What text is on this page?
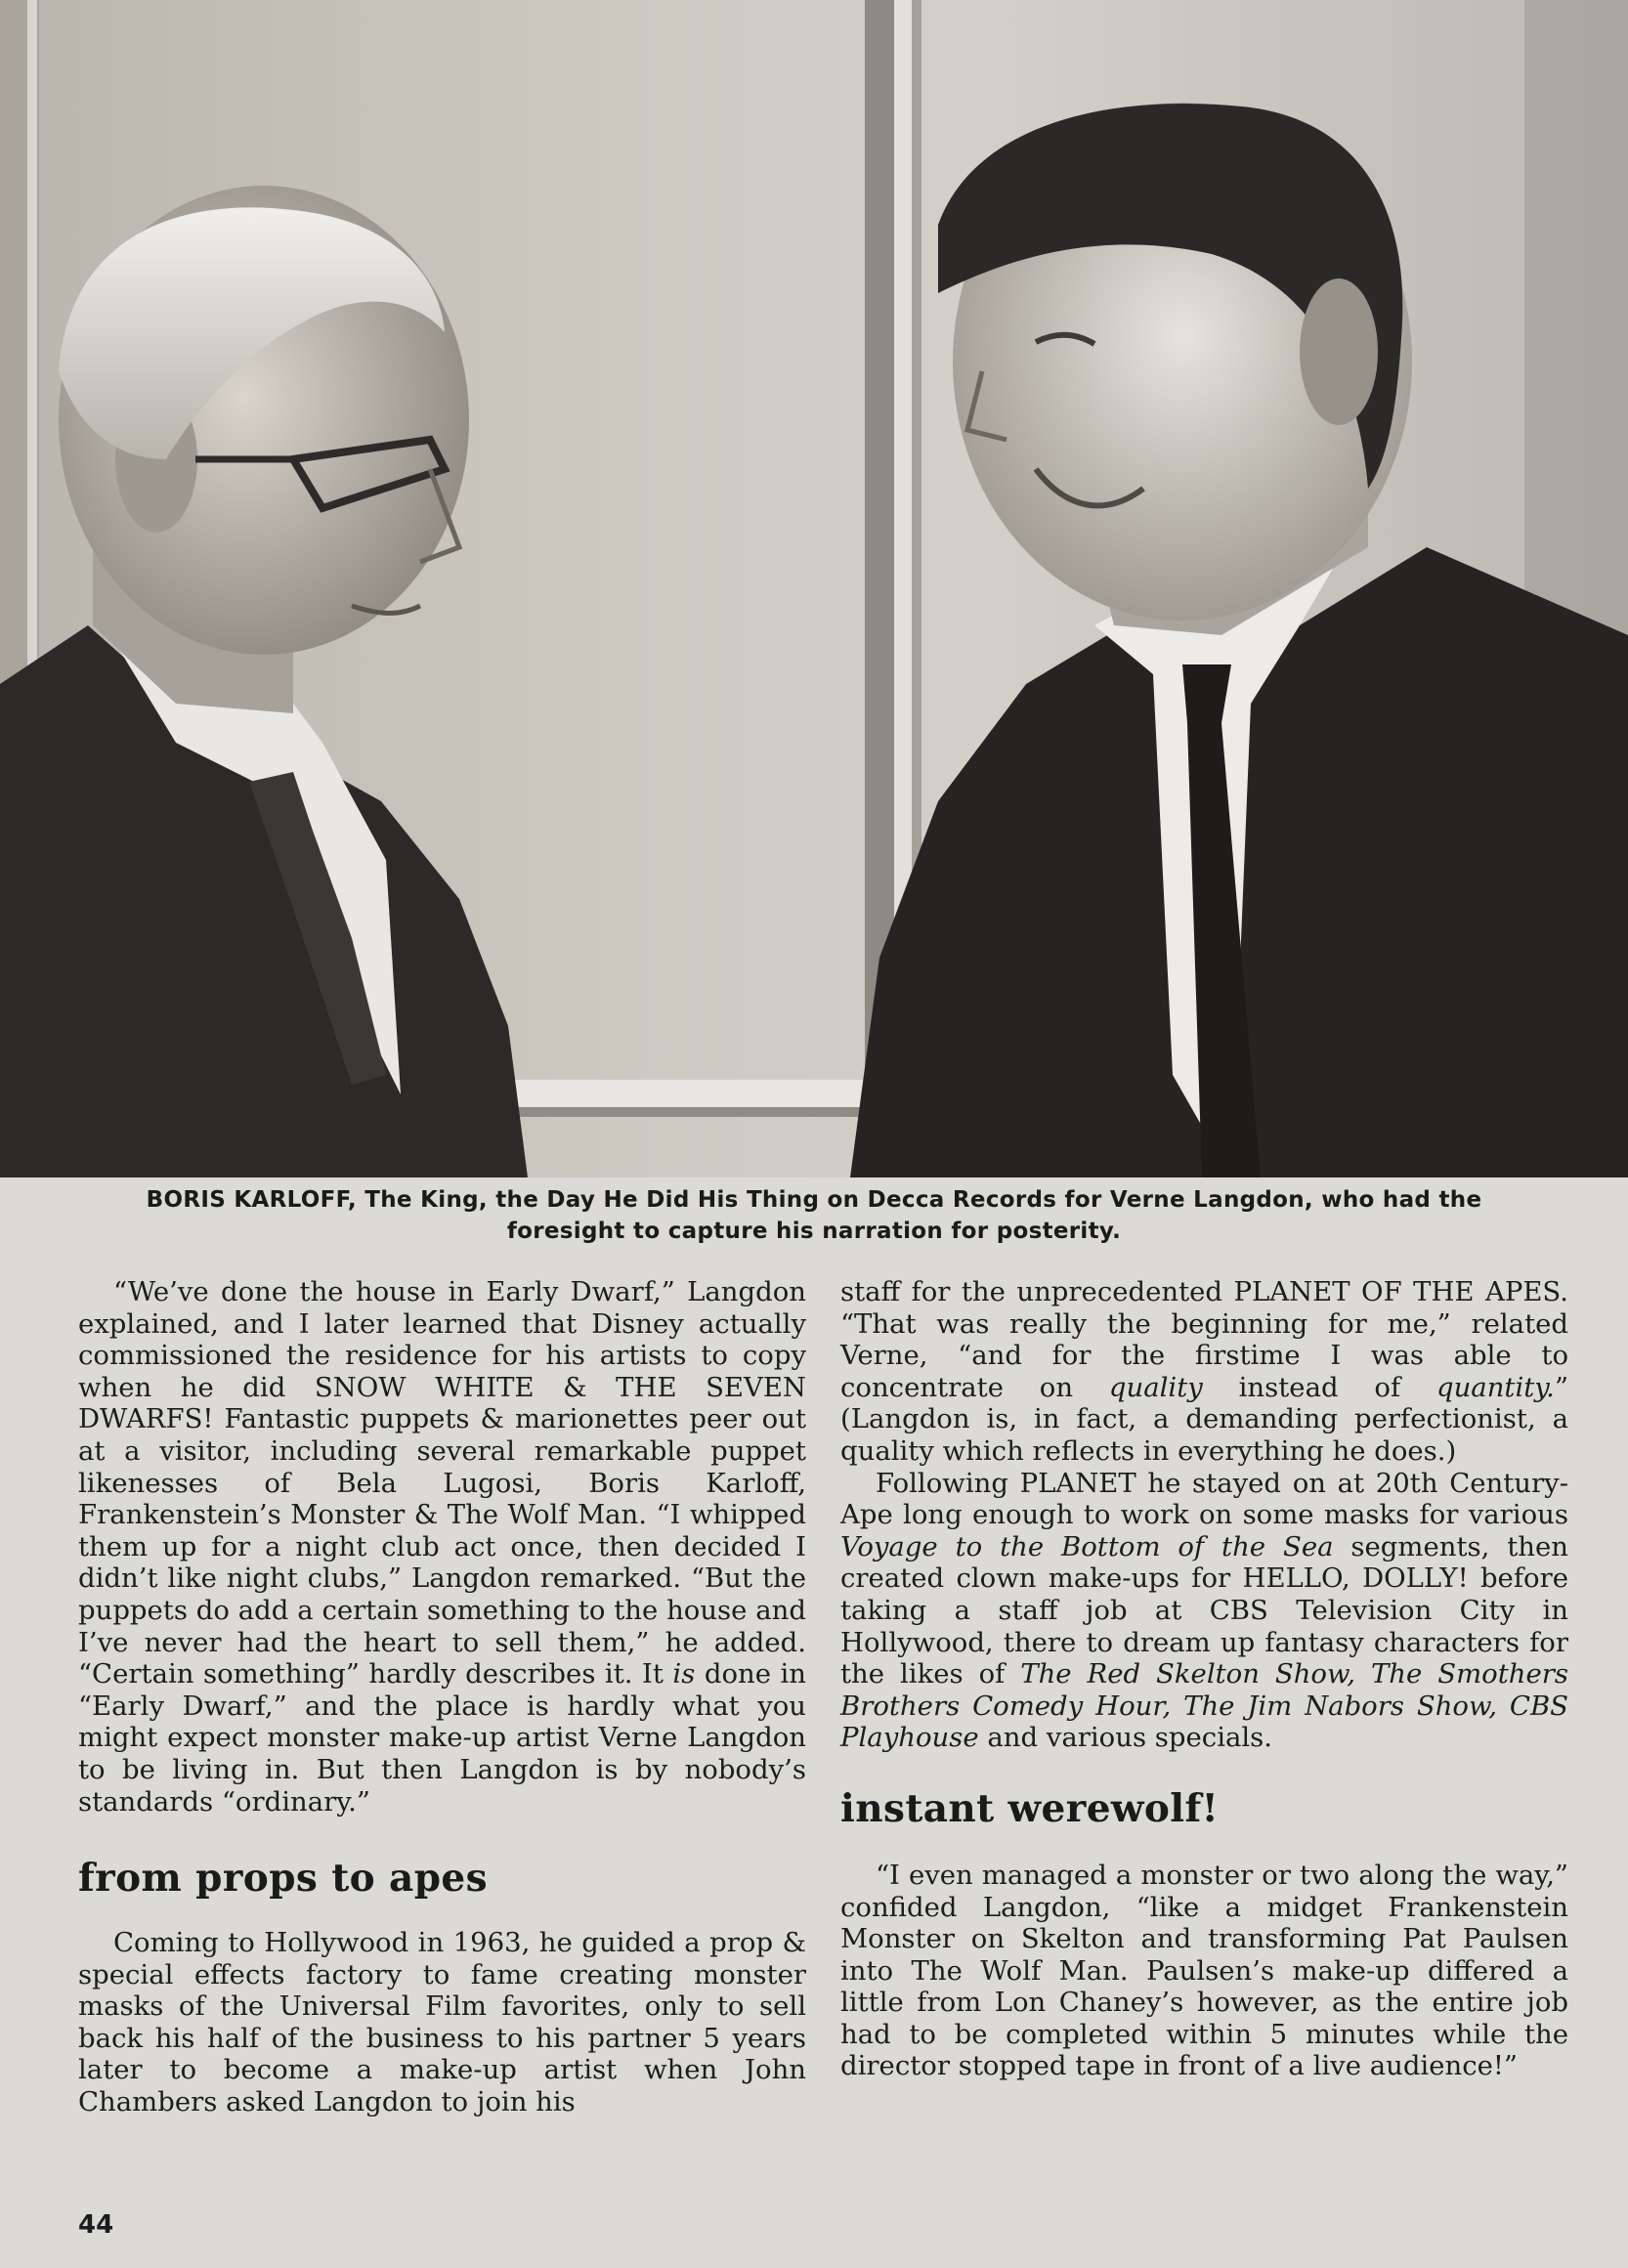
BORIS KARLOFF, The King, the Day He Did His Thing on Decca Records for Verne Langdon, who had the
foresight to capture his narration for posterity.

“We’ve done the house in Early Dwarf,” Langdon explained, and I later learned that Disney actually commissioned the residence for his artists to copy when he did SNOW WHITE & THE SEVEN DWARFS! Fantastic puppets & marionettes peer out at a visitor, including several remarkable puppet likenesses of Bela Lugosi, Boris Karloff, Frankenstein’s Monster & The Wolf Man. “I whipped them up for a night club act once, then decided I didn’t like night clubs,” Langdon remarked. “But the puppets do add a certain something to the house and I’ve never had the heart to sell them,” he added. “Certain something” hardly describes it. It is done in “Early Dwarf,” and the place is hardly what you might expect monster make-up artist Verne Langdon to be living in. But then Langdon is by nobody’s standards “ordinary.”

from props to apes

Coming to Hollywood in 1963, he guided a prop & special effects factory to fame creating monster masks of the Universal Film favorites, only to sell back his half of the business to his partner 5 years later to become a make-up artist when John Chambers asked Langdon to join his

staff for the unprecedented PLANET OF THE APES. “That was really the beginning for me,” related Verne, “and for the firstime I was able to concentrate on quality instead of quantity.” (Langdon is, in fact, a demanding perfectionist, a quality which reflects in everything he does.)

Following PLANET he stayed on at 20th Century-Ape long enough to work on some masks for various Voyage to the Bottom of the Sea segments, then created clown make-ups for HELLO, DOLLY! before taking a staff job at CBS Television City in Hollywood, there to dream up fantasy characters for the likes of The Red Skelton Show, The Smothers Brothers Comedy Hour, The Jim Nabors Show, CBS Playhouse and various specials.

instant werewolf!

“I even managed a monster or two along the way,” confided Langdon, “like a midget Frankenstein Monster on Skelton and transforming Pat Paulsen into The Wolf Man. Paulsen’s make-up differed a little from Lon Chaney’s however, as the entire job had to be completed within 5 minutes while the director stopped tape in front of a live audience!”

44
